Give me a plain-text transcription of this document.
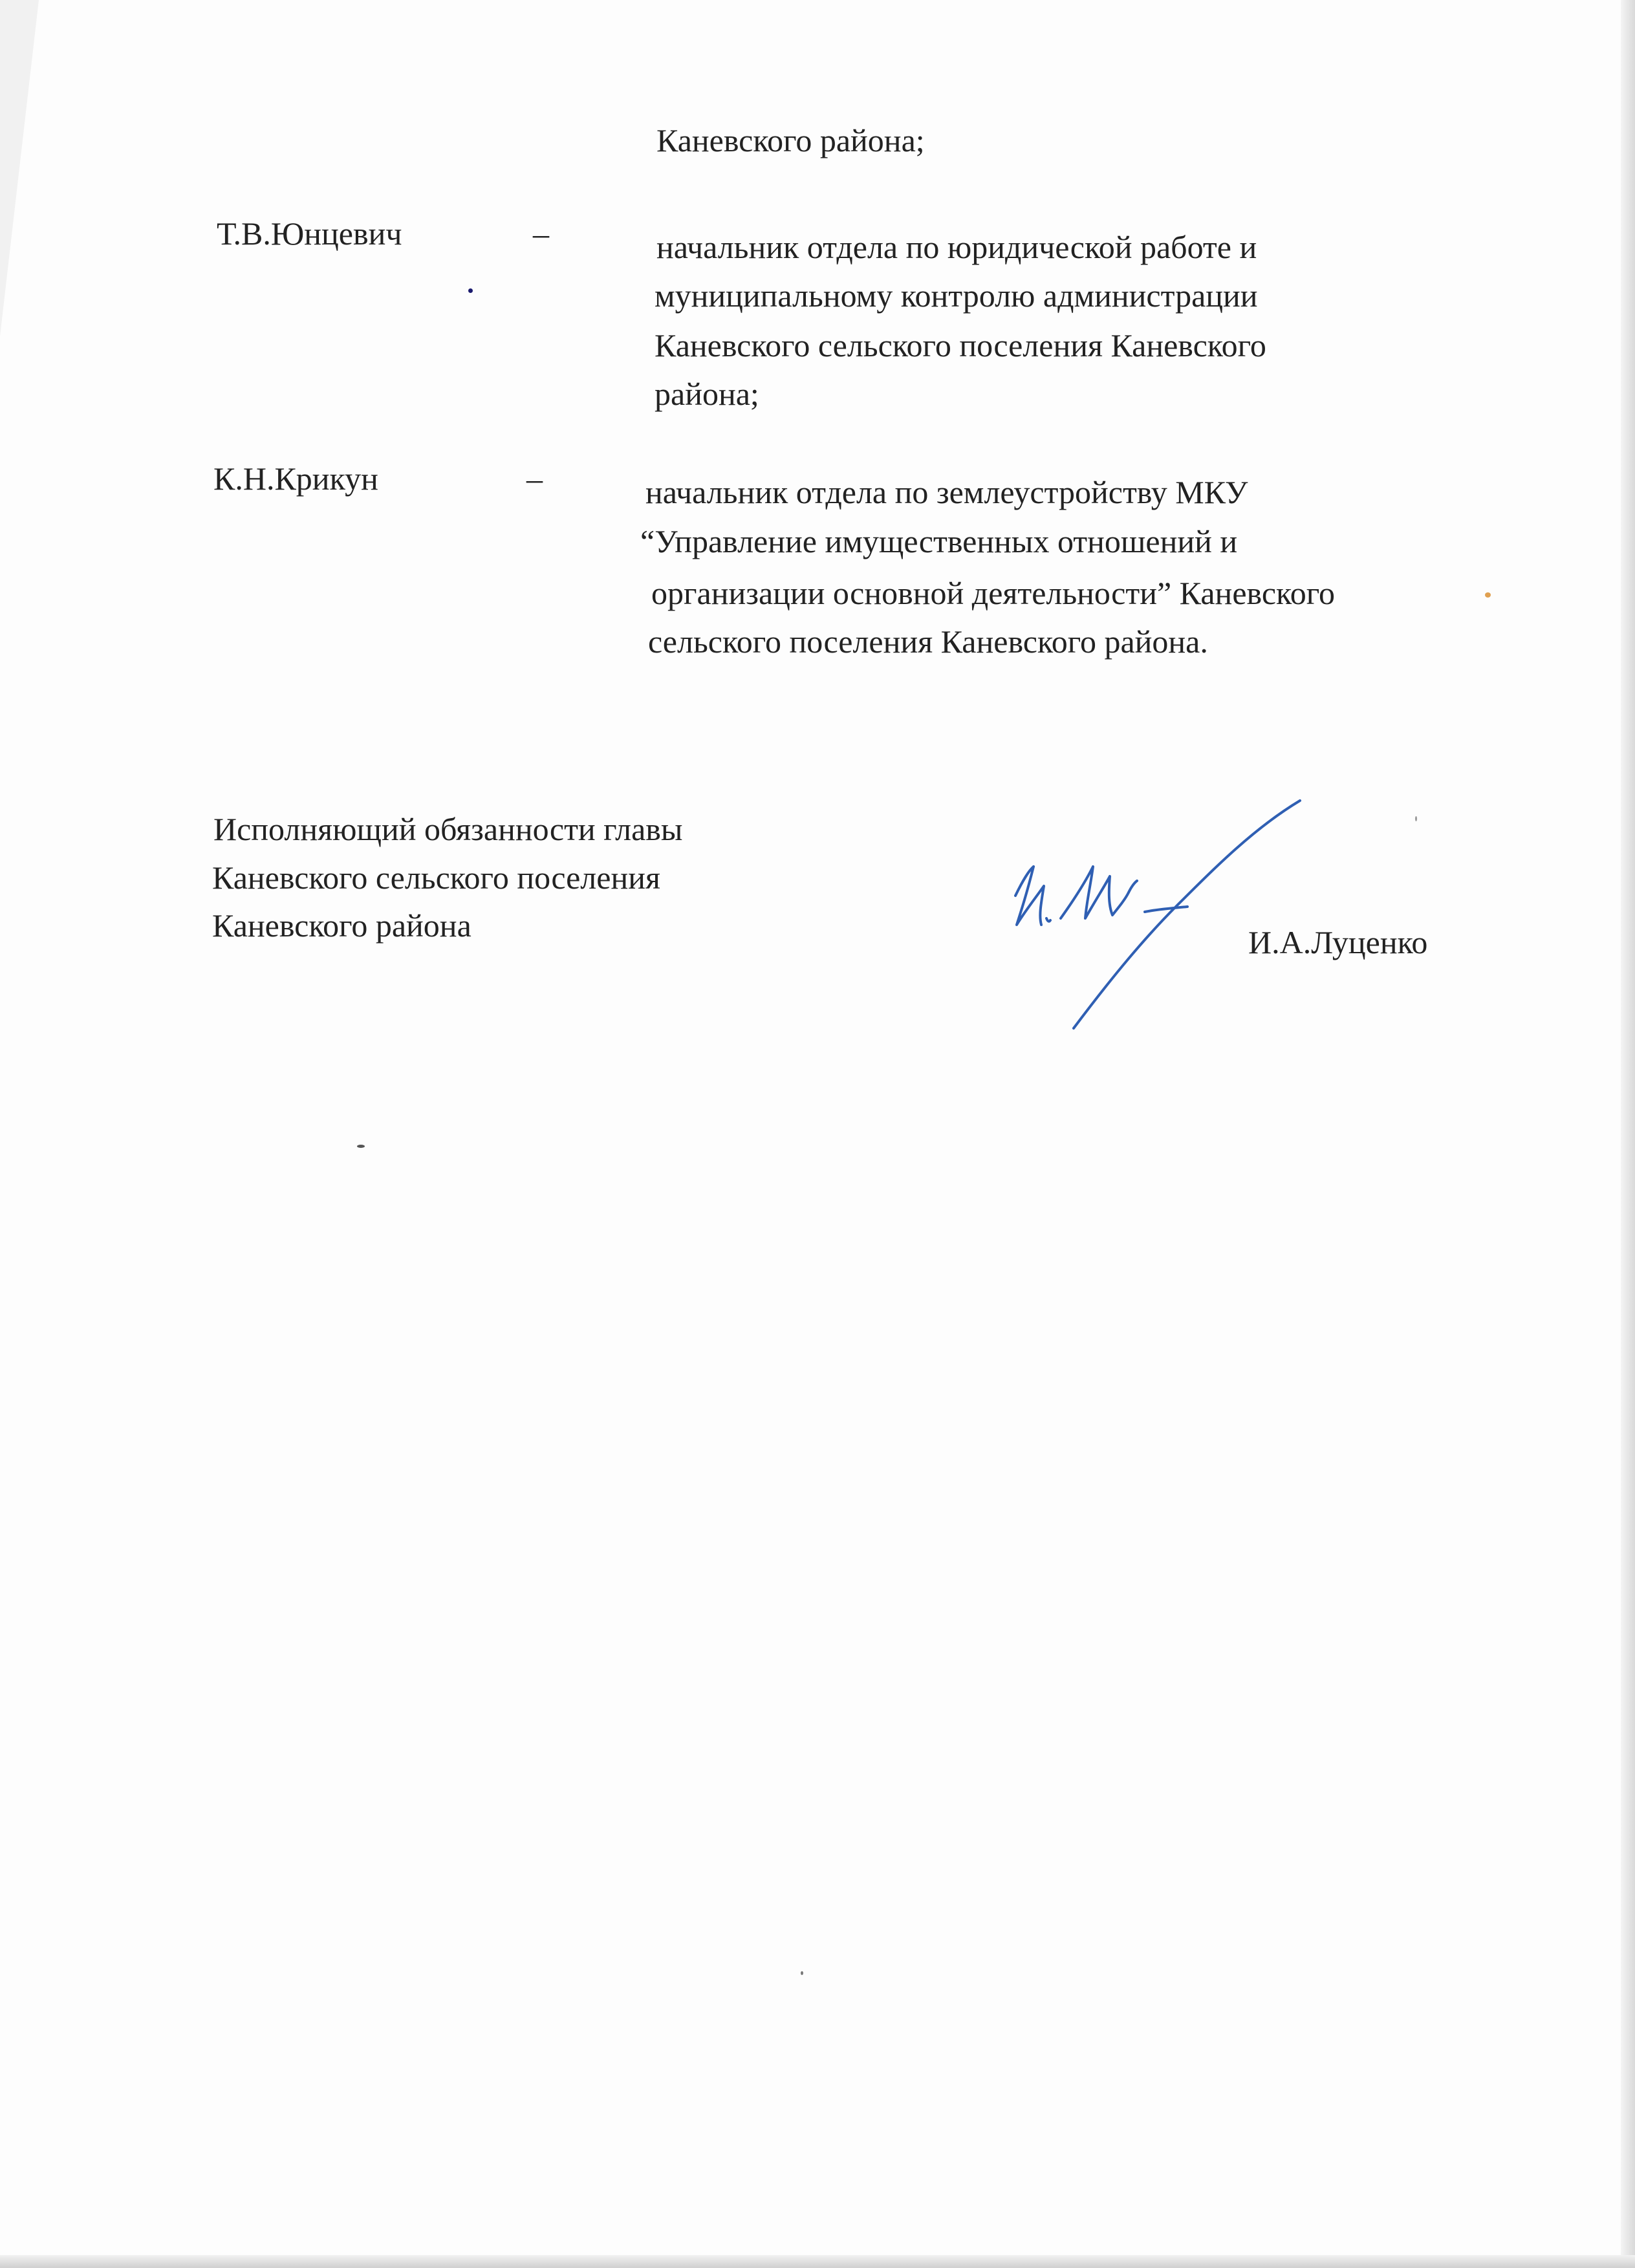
Каневского района;
Т.В.Юнцевич	–	начальник отдела по юридической работе и
муниципальному контролю администрации
Каневского сельского поселения Каневского
района;
К.Н.Крикун	–	начальник отдела по землеустройству МКУ
“Управление имущественных отношений и
организации основной деятельности” Каневского
сельского поселения Каневского района.
Исполняющий обязанности главы
Каневского сельского поселения
Каневского района	И.А.Луценко
